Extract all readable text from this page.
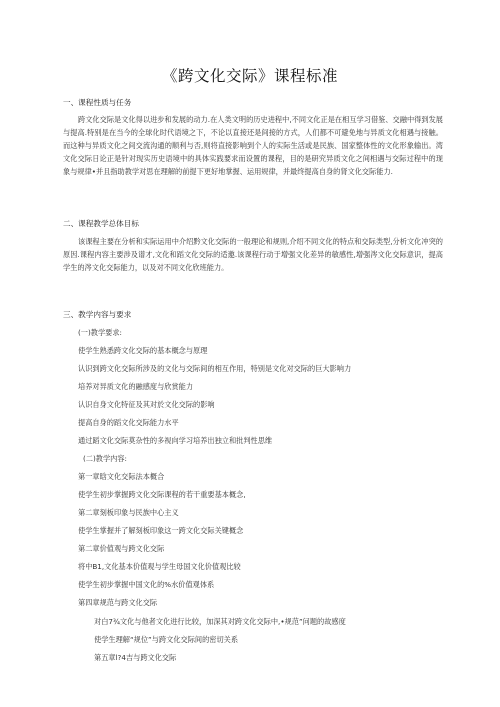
《跨文化交际》课程标准
一、课程性质与任务

跨文化交际是文化得以进步和发展的动力.在人类文明的历史进程中,不同文化正是在相互学习借鉴、交融中得到发展与提高.特别是在当今的全球化时代语境之下，不论以直接还是间接的方式，人们都不可避免地与异质文化相遇与接触。而这种与异质文化之间交流沟通的顺利与否,则将直接影响到个人的实际生活或是民族、国家整体性的文化形象输出。湾文化交际日论正是针对现实历史语境中的具体实践要求而设置的课程，目的是研究异质文化之间相遇与交际过程中的现象与规律•并且指助教学对思在理解的前提下更好地掌握、运用规律，并最终提高自身的肾文化交际能力.

二、课程教学总体目标

该课程主要在分析和实际运用中介绍黔文化交际的一般理论和规则,介绍不同文化的特点和交际类型,分析文化冲突的原因.课程内容主要涉及谱才,文化和蹈文化交际的适邀.该课程行动于增强文化差异的敏感性,增强涔文化交际意识，提高学生的涔文化交际能力，以及对不同文化欣班能力。

三、教学内容与要求

(一)教学要求:

使学生熟悉跨文化交际的基本概念与原理

认识到跨文化交际所涉及的文化与交际间的相互作用，特别是文化对交际的巨大影响力

培养对异质文化的融感度与欣赏能力

认识自身文化特征及其对於文化交际的影响

提高自身的蹈文化交际能力水平

通过蹈文化交际莫杂性的多视向学习培养出独立和批判性思维

(二)教学内容:

第一章晗文化交际法本概合

使学生初步掌握跨文化交际课程的若干重要基本概念,

第二章刻板印象与民族中心主义

使学生掌握并了解刻板印象这一跨文化交际关键概念

第二章价值观与跨文化交际

将中B1,文化基本价值观与学生母国文化价值观比较

使学生初步掌握中国文化的%水价值观体系

第四章规范与跨文化交际

对白7¾文化与他者文化进行比较，加深其对跨文化交际中,•规范”问题的故感度

使学生理解“规位”与跨文化交际间的密切关系

第五章l?4吉与跨文化交际
